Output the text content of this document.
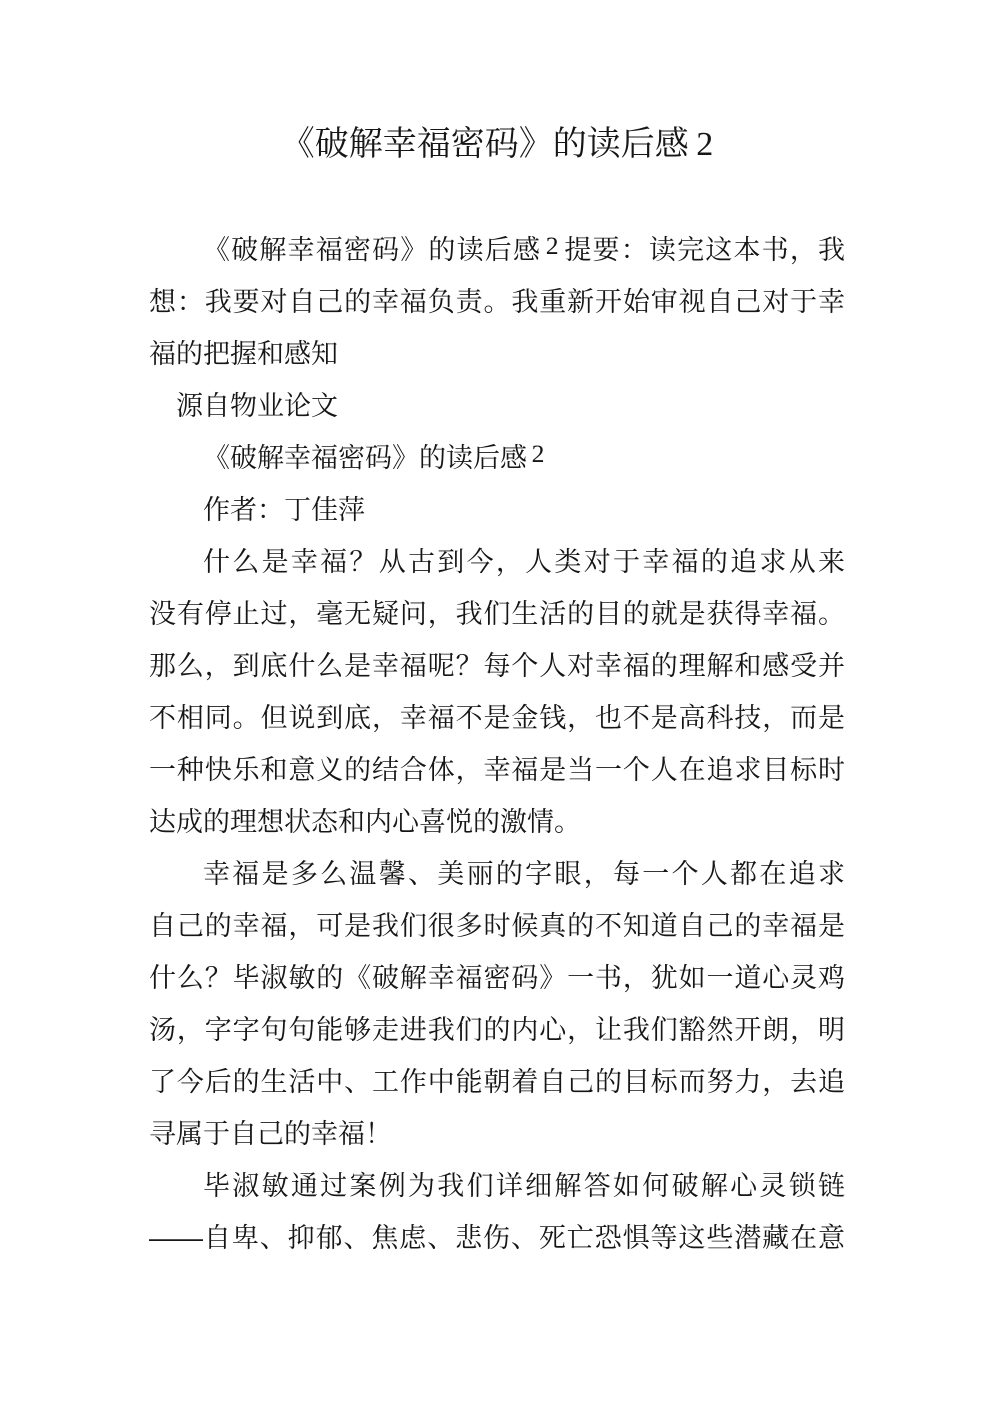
《破解幸福密码》的读后感 2
《破解幸福密码》的读后感 2 提要：读完这本书，我
想：我要对自己的幸福负责。我重新开始审视自己对于幸
福的把握和感知
源自物业论文
《破解幸福密码》的读后感 2
作者：丁佳萍
什么是幸福？从古到今，人类对于幸福的追求从来
没有停止过，毫无疑问，我们生活的目的就是获得幸福。
那么，到底什么是幸福呢？每个人对幸福的理解和感受并
不相同。但说到底，幸福不是金钱，也不是高科技，而是
一种快乐和意义的结合体，幸福是当一个人在追求目标时
达成的理想状态和内心喜悦的激情。
幸福是多么温馨、美丽的字眼，每一个人都在追求
自己的幸福，可是我们很多时候真的不知道自己的幸福是
什么？毕淑敏的《破解幸福密码》一书，犹如一道心灵鸡
汤，字字句句能够走进我们的内心，让我们豁然开朗，明
了今后的生活中、工作中能朝着自己的目标而努力，去追
寻属于自己的幸福！
毕淑敏通过案例为我们详细解答如何破解心灵锁链
——自卑、抑郁、焦虑、悲伤、死亡恐惧等这些潜藏在意
